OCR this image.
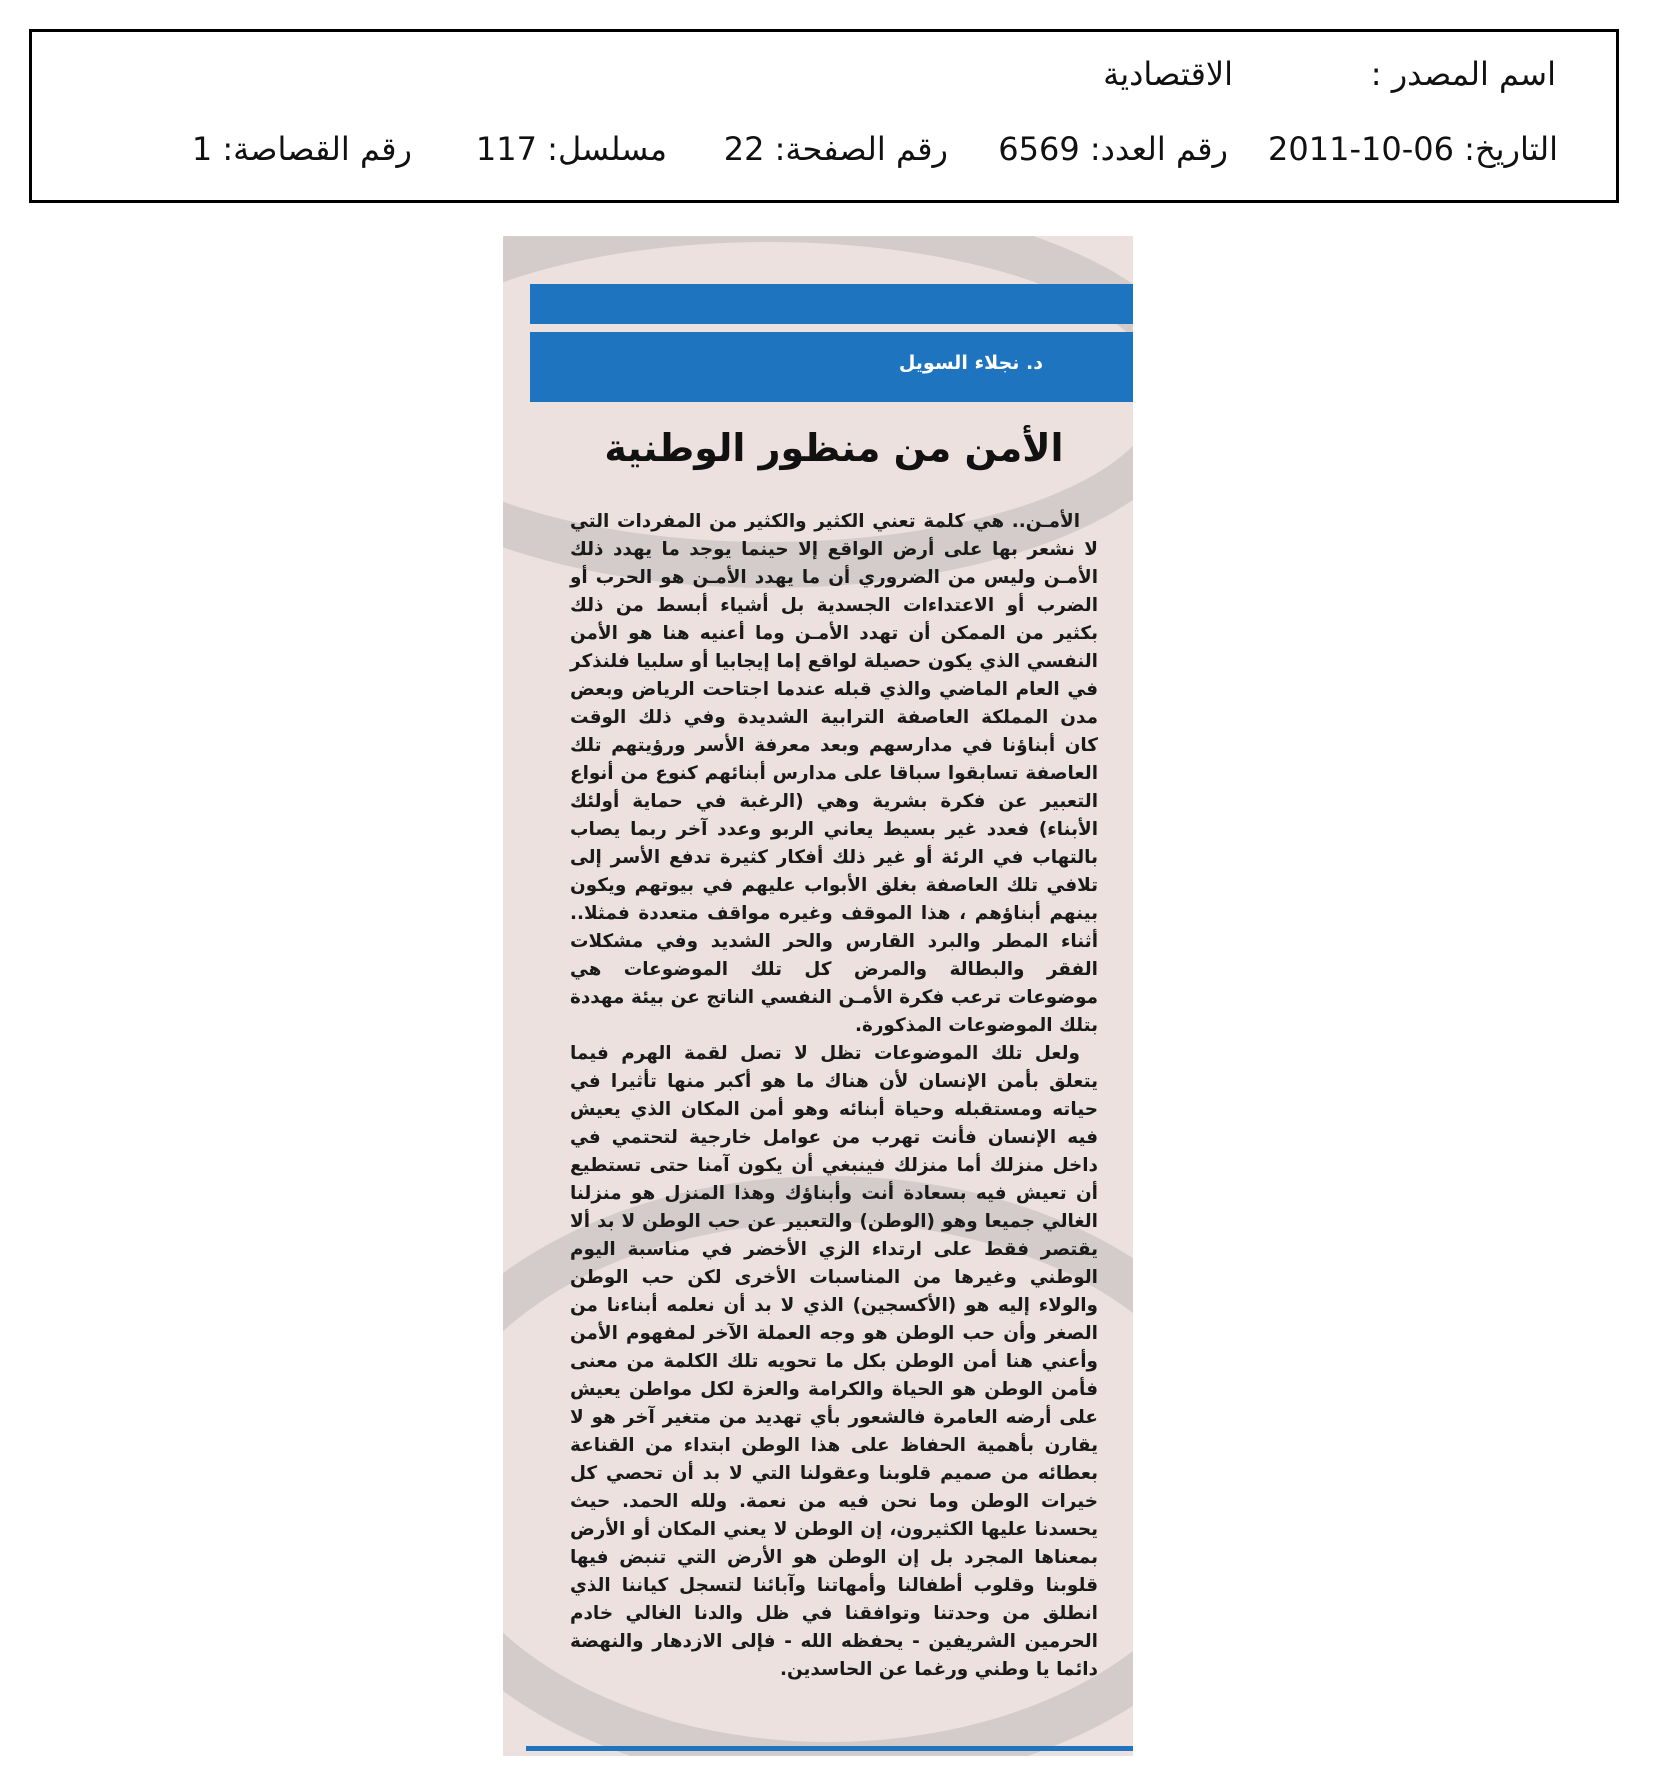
اسم المصدر :
الاقتصادية
التاريخ: 06-10-2011
رقم العدد: 6569
رقم الصفحة: 22
مسلسل: 117
رقم القصاصة: 1
د. نجلاء السويل
الأمن من منظور الوطنية

الأمـن.. هي كلمة تعني الكثير والكثير من المفردات التي لا نشعر بها على أرض الواقع إلا حينما يوجد ما يهدد ذلك الأمـن وليس من الضروري أن ما يهدد الأمـن هو الحرب أو الضرب أو الاعتداءات الجسدية بل أشياء أبسط من ذلك بكثير من الممكن أن تهدد الأمـن وما أعنيه هنا هو الأمن النفسي الذي يكون حصيلة لواقع إما إيجابيا أو سلبيا فلنذكر في العام الماضي والذي قبله عندما اجتاحت الرياض وبعض مدن المملكة العاصفة الترابية الشديدة وفي ذلك الوقت كان أبناؤنا في مدارسهم وبعد معرفة الأسر ورؤيتهم تلك العاصفة تسابقوا سباقا على مدارس أبنائهم كنوع من أنواع التعبير عن فكرة بشرية وهي (الرغبة في حماية أولئك الأبناء) فعدد غير بسيط يعاني الربو وعدد آخر ربما يصاب بالتهاب في الرئة أو غير ذلك أفكار كثيرة تدفع الأسر إلى تلافي تلك العاصفة بغلق الأبواب عليهم في بيوتهم ويكون بينهم أبناؤهم ، هذا الموقف وغيره مواقف متعددة فمثلا.. أثناء المطر والبرد القارس والحر الشديد وفي مشكلات الفقر والبطالة والمرض كل تلك الموضوعات هي موضوعات ترعب فكرة الأمـن النفسي الناتج عن بيئة مهددة بتلك الموضوعات المذكورة.

ولعل تلك الموضوعات تظل لا تصل لقمة الهرم فيما يتعلق بأمن الإنسان لأن هناك ما هو أكبر منها تأثيرا في حياته ومستقبله وحياة أبنائه وهو أمن المكان الذي يعيش فيه الإنسان فأنت تهرب من عوامل خارجية لتحتمي في داخل منزلك أما منزلك فينبغي أن يكون آمنا حتى تستطيع أن تعيش فيه بسعادة أنت وأبناؤك وهذا المنزل هو منزلنا الغالي جميعا وهو (الوطن) والتعبير عن حب الوطن لا بد ألا يقتصر فقط على ارتداء الزي الأخضر في مناسبة اليوم الوطني وغيرها من المناسبات الأخرى لكن حب الوطن والولاء إليه هو (الأكسجين) الذي لا بد أن نعلمه أبناءنا من الصغر وأن حب الوطن هو وجه العملة الآخر لمفهوم الأمن وأعني هنا أمن الوطن بكل ما تحويه تلك الكلمة من معنى فأمن الوطن هو الحياة والكرامة والعزة لكل مواطن يعيش على أرضه العامرة فالشعور بأي تهديد من متغير آخر هو لا يقارن بأهمية الحفاظ على هذا الوطن ابتداء من القناعة بعطائه من صميم قلوبنا وعقولنا التي لا بد أن تحصي كل خيرات الوطن وما نحن فيه من نعمة. ولله الحمد. حيث يحسدنا عليها الكثيرون، إن الوطن لا يعني المكان أو الأرض بمعناها المجرد بل إن الوطن هو الأرض التي تنبض فيها قلوبنا وقلوب أطفالنا وأمهاتنا وآبائنا لتسجل كياننا الذي انطلق من وحدتنا وتوافقنا في ظل والدنا الغالي خادم الحرمين الشريفين - يحفظه الله - فإلى الازدهار والنهضة دائما يا وطني ورغما عن الحاسدين.
